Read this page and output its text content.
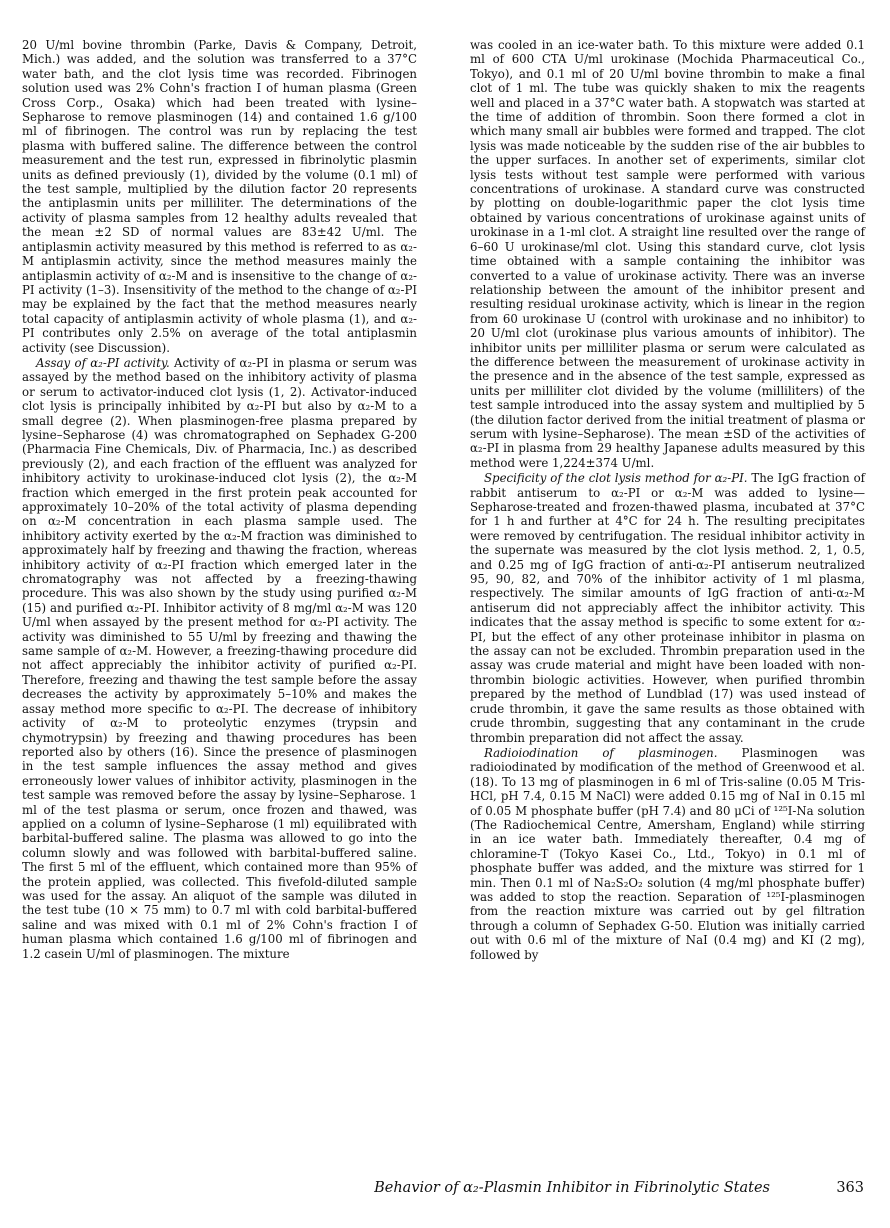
20 U/ml bovine thrombin (Parke, Davis & Company, Detroit, Mich.) was added, and the solution was transferred to a 37°C water bath, and the clot lysis time was recorded. Fibrinogen solution used was 2% Cohn's fraction I of human plasma (Green Cross Corp., Osaka) which had been treated with lysine–Sepharose to remove plasminogen (14) and contained 1.6 g/100 ml of fibrinogen. The control was run by replacing the test plasma with buffered saline. The difference between the control measurement and the test run, expressed in fibrinolytic plasmin units as defined previously (1), divided by the volume (0.1 ml) of the test sample, multiplied by the dilution factor 20 represents the antiplasmin units per milliliter. The determinations of the activity of plasma samples from 12 healthy adults revealed that the mean ±2 SD of normal values are 83±42 U/ml. The antiplasmin activity measured by this method is referred to as α₂-M antiplasmin activity, since the method measures mainly the antiplasmin activity of α₂-M and is insensitive to the change of α₂-PI activity (1–3). Insensitivity of the method to the change of α₂-PI may be explained by the fact that the method measures nearly total capacity of antiplasmin activity of whole plasma (1), and α₂-PI contributes only 2.5% on average of the total antiplasmin activity (see Discussion).

Assay of α₂-PI activity. Activity of α₂-PI in plasma or serum was assayed by the method based on the inhibitory activity of plasma or serum to activator-induced clot lysis (1, 2). Activator-induced clot lysis is principally inhibited by α₂-PI but also by α₂-M to a small degree (2). When plasminogen-free plasma prepared by lysine–Sepharose (4) was chromatographed on Sephadex G-200 (Pharmacia Fine Chemicals, Div. of Pharmacia, Inc.) as described previously (2), and each fraction of the effluent was analyzed for inhibitory activity to urokinase-induced clot lysis (2), the α₂-M fraction which emerged in the first protein peak accounted for approximately 10–20% of the total activity of plasma depending on α₂-M concentration in each plasma sample used. The inhibitory activity exerted by the α₂-M fraction was diminished to approximately half by freezing and thawing the fraction, whereas inhibitory activity of α₂-PI fraction which emerged later in the chromatography was not affected by a freezing-thawing procedure. This was also shown by the study using purified α₂-M (15) and purified α₂-PI. Inhibitor activity of 8 mg/ml α₂-M was 120 U/ml when assayed by the present method for α₂-PI activity. The activity was diminished to 55 U/ml by freezing and thawing the same sample of α₂-M. However, a freezing-thawing procedure did not affect appreciably the inhibitor activity of purified α₂-PI. Therefore, freezing and thawing the test sample before the assay decreases the activity by approximately 5–10% and makes the assay method more specific to α₂-PI. The decrease of inhibitory activity of α₂-M to proteolytic enzymes (trypsin and chymotrypsin) by freezing and thawing procedures has been reported also by others (16). Since the presence of plasminogen in the test sample influences the assay method and gives erroneously lower values of inhibitor activity, plasminogen in the test sample was removed before the assay by lysine–Sepharose. 1 ml of the test plasma or serum, once frozen and thawed, was applied on a column of lysine–Sepharose (1 ml) equilibrated with barbital-buffered saline. The plasma was allowed to go into the column slowly and was followed with barbital-buffered saline. The first 5 ml of the effluent, which contained more than 95% of the protein applied, was collected. This fivefold-diluted sample was used for the assay. An aliquot of the sample was diluted in the test tube (10 × 75 mm) to 0.7 ml with cold barbital-buffered saline and was mixed with 0.1 ml of 2% Cohn's fraction I of human plasma which contained 1.6 g/100 ml of fibrinogen and 1.2 casein U/ml of plasminogen. The mixture

was cooled in an ice-water bath. To this mixture were added 0.1 ml of 600 CTA U/ml urokinase (Mochida Pharmaceutical Co., Tokyo), and 0.1 ml of 20 U/ml bovine thrombin to make a final clot of 1 ml. The tube was quickly shaken to mix the reagents well and placed in a 37°C water bath. A stopwatch was started at the time of addition of thrombin. Soon there formed a clot in which many small air bubbles were formed and trapped. The clot lysis was made noticeable by the sudden rise of the air bubbles to the upper surfaces. In another set of experiments, similar clot lysis tests without test sample were performed with various concentrations of urokinase. A standard curve was constructed by plotting on double-logarithmic paper the clot lysis time obtained by various concentrations of urokinase against units of urokinase in a 1-ml clot. A straight line resulted over the range of 6–60 U urokinase/ml clot. Using this standard curve, clot lysis time obtained with a sample containing the inhibitor was converted to a value of urokinase activity. There was an inverse relationship between the amount of the inhibitor present and resulting residual urokinase activity, which is linear in the region from 60 urokinase U (control with urokinase and no inhibitor) to 20 U/ml clot (urokinase plus various amounts of inhibitor). The inhibitor units per milliliter plasma or serum were calculated as the difference between the measurement of urokinase activity in the presence and in the absence of the test sample, expressed as units per milliliter clot divided by the volume (milliliters) of the test sample introduced into the assay system and multiplied by 5 (the dilution factor derived from the initial treatment of plasma or serum with lysine–Sepharose). The mean ±SD of the activities of α₂-PI in plasma from 29 healthy Japanese adults measured by this method were 1,224±374 U/ml.

Specificity of the clot lysis method for α₂-PI. The IgG fraction of rabbit antiserum to α₂-PI or α₂-M was added to lysine—Sepharose-treated and frozen-thawed plasma, incubated at 37°C for 1 h and further at 4°C for 24 h. The resulting precipitates were removed by centrifugation. The residual inhibitor activity in the supernate was measured by the clot lysis method. 2, 1, 0.5, and 0.25 mg of IgG fraction of anti-α₂-PI antiserum neutralized 95, 90, 82, and 70% of the inhibitor activity of 1 ml plasma, respectively. The similar amounts of IgG fraction of anti-α₂-M antiserum did not appreciably affect the inhibitor activity. This indicates that the assay method is specific to some extent for α₂-PI, but the effect of any other proteinase inhibitor in plasma on the assay can not be excluded. Thrombin preparation used in the assay was crude material and might have been loaded with non-thrombin biologic activities. However, when purified thrombin prepared by the method of Lundblad (17) was used instead of crude thrombin, it gave the same results as those obtained with crude thrombin, suggesting that any contaminant in the crude thrombin preparation did not affect the assay.

Radioiodination of plasminogen. Plasminogen was radioiodinated by modification of the method of Greenwood et al. (18). To 13 mg of plasminogen in 6 ml of Tris-saline (0.05 M Tris-HCl, pH 7.4, 0.15 M NaCl) were added 0.15 mg of NaI in 0.15 ml of 0.05 M phosphate buffer (pH 7.4) and 80 μCi of ¹²⁵I-Na solution (The Radiochemical Centre, Amersham, England) while stirring in an ice water bath. Immediately thereafter, 0.4 mg of chloramine-T (Tokyo Kasei Co., Ltd., Tokyo) in 0.1 ml of phosphate buffer was added, and the mixture was stirred for 1 min. Then 0.1 ml of Na₂S₂O₂ solution (4 mg/ml phosphate buffer) was added to stop the reaction. Separation of ¹²⁵I-plasminogen from the reaction mixture was carried out by gel filtration through a column of Sephadex G-50. Elution was initially carried out with 0.6 ml of the mixture of NaI (0.4 mg) and KI (2 mg), followed by

Behavior of α₂-Plasmin Inhibitor in Fibrinolytic States	363
